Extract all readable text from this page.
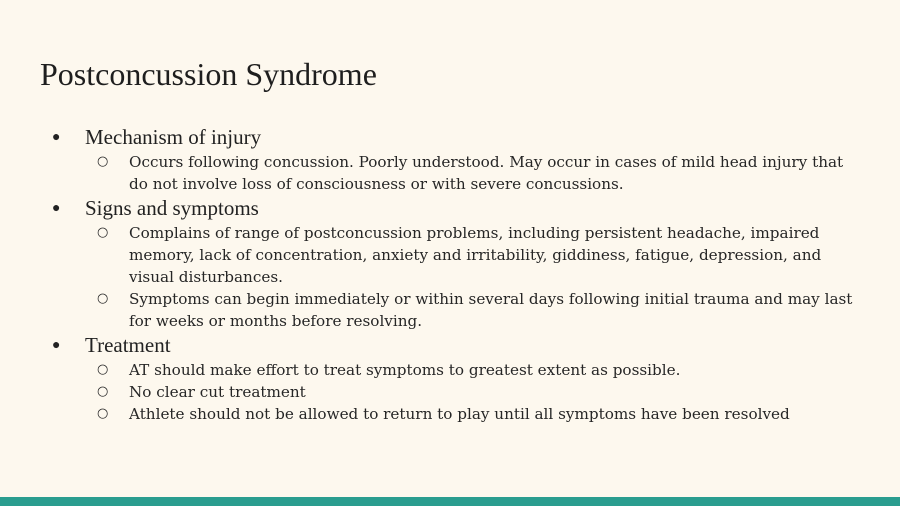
Postconcussion Syndrome
● Mechanism of injury
○ Occurs following concussion. Poorly understood. May occur in cases of mild head injury that do not involve loss of consciousness or with severe concussions.
● Signs and symptoms
○ Complains of range of postconcussion problems, including persistent headache, impaired memory, lack of concentration, anxiety and irritability, giddiness, fatigue, depression, and visual disturbances.
○ Symptoms can begin immediately or within several days following initial trauma and may last for weeks or months before resolving.
● Treatment
○ AT should make effort to treat symptoms to greatest extent as possible.
○ No clear cut treatment
○ Athlete should not be allowed to return to play until all symptoms have been resolved
